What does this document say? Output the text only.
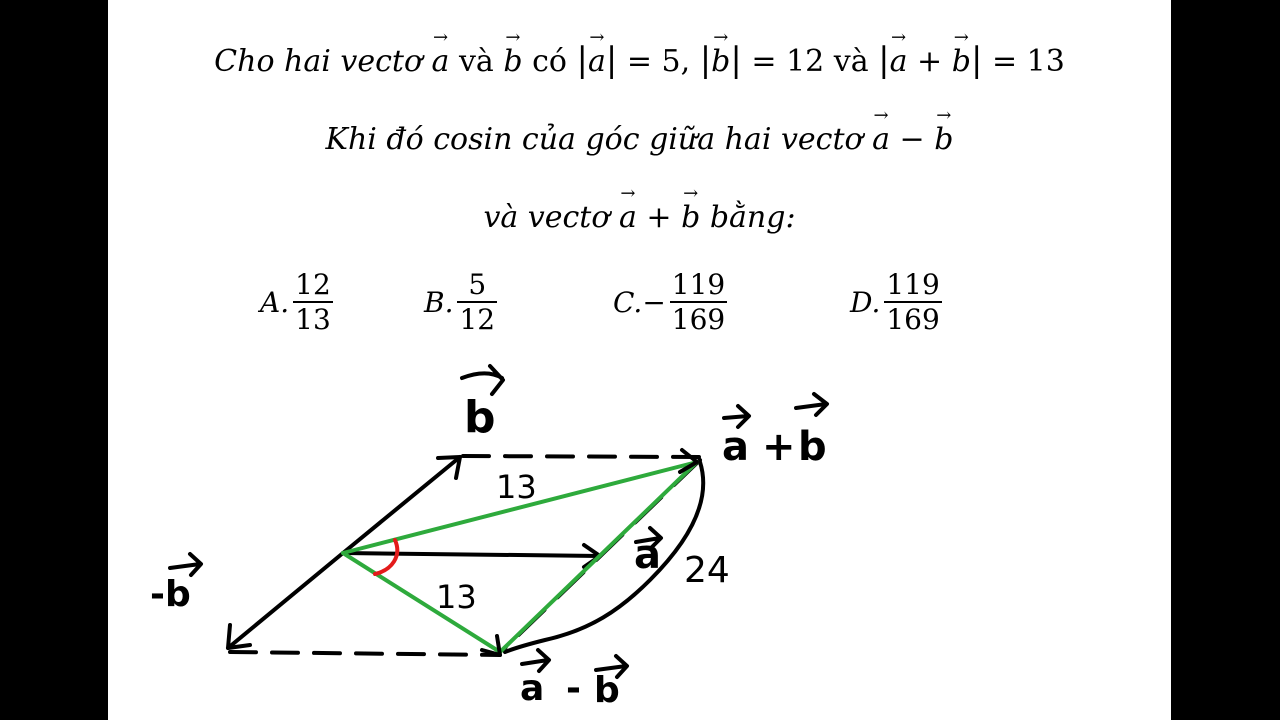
Cho hai vectơ → a và → b có |→ a| = 5, |→ b| = 12 và |→ a + → b| = 13
Khi đó cosin của góc giữa hai vectơ → a − → b
và vectơ → a + → b bằng:
A. $\frac{12}{13}$	B. $\frac{5}{12}$	C. − $\frac{119}{169}$	D. $\frac{119}{169}$
b
a + b
13
13
a 24
-b
a - b
